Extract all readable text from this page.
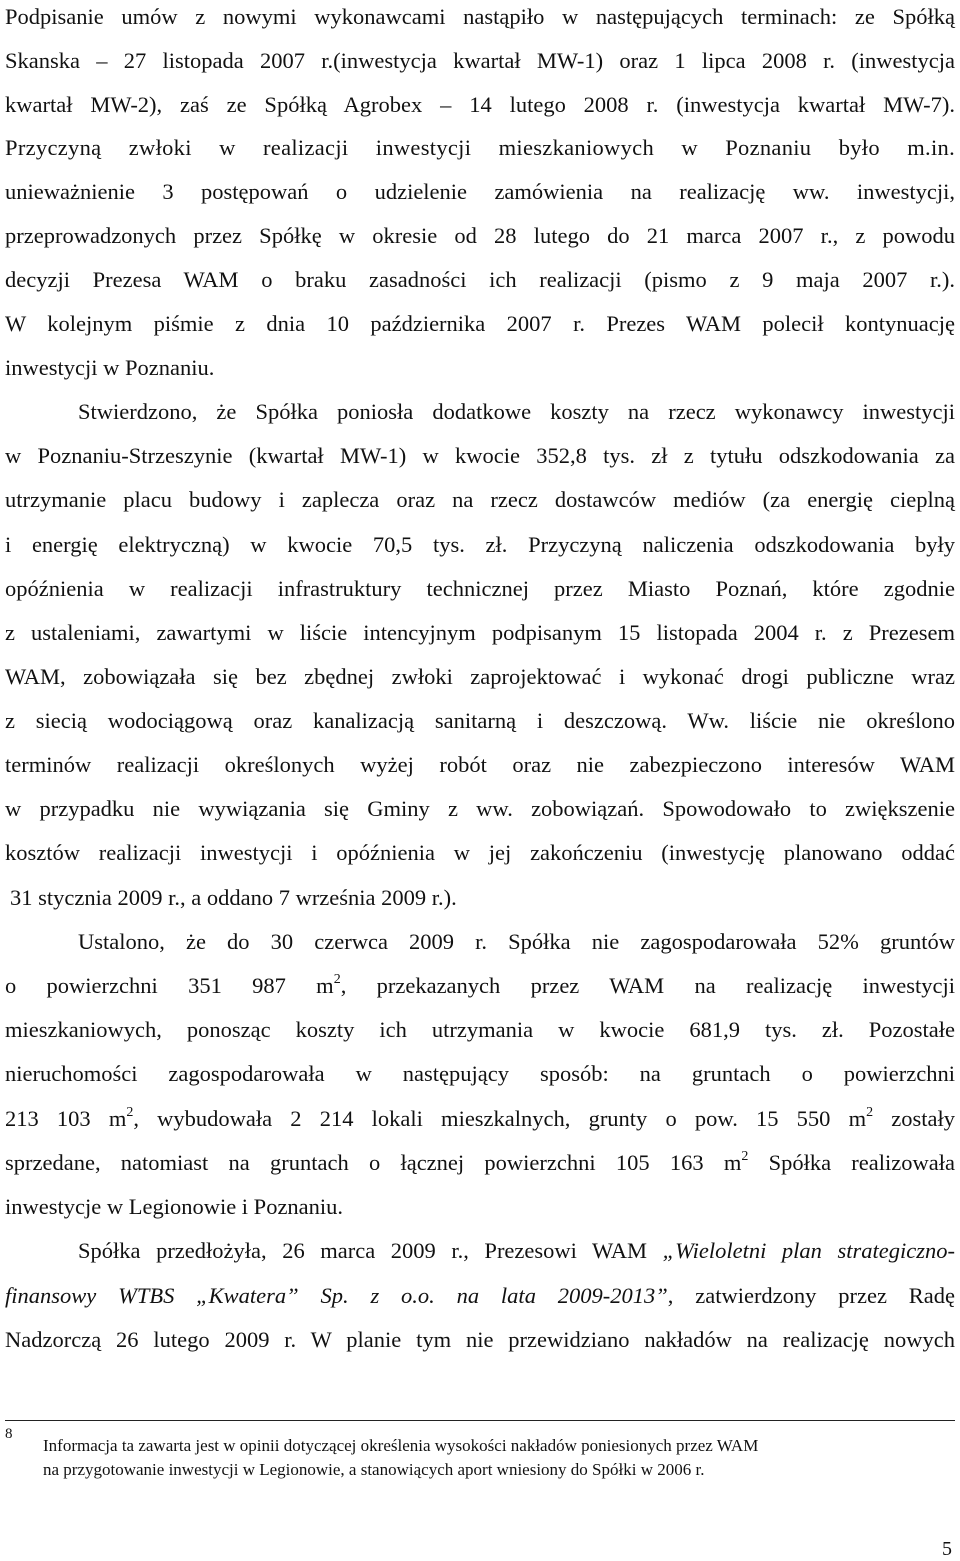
Podpisanie umów z nowymi wykonawcami nastąpiło w następujących terminach: ze Spółką
Skanska – 27 listopada 2007 r.(inwestycja kwartał MW-1) oraz 1 lipca 2008 r. (inwestycja
kwartał MW-2), zaś ze Spółką Agrobex – 14 lutego 2008 r. (inwestycja kwartał MW-7).
Przyczyną zwłoki w realizacji inwestycji mieszkaniowych w Poznaniu było m.in.
unieważnienie 3 postępowań o udzielenie zamówienia na realizację ww. inwestycji,
przeprowadzonych przez Spółkę w okresie od 28 lutego do 21 marca 2007 r., z powodu
decyzji Prezesa WAM o braku zasadności ich realizacji (pismo z 9 maja 2007 r.).
W kolejnym piśmie z dnia 10 października 2007 r. Prezes WAM polecił kontynuację
inwestycji w Poznaniu.
Stwierdzono, że Spółka poniosła dodatkowe koszty na rzecz wykonawcy inwestycji
w Poznaniu-Strzeszynie (kwartał MW-1) w kwocie 352,8 tys. zł z tytułu odszkodowania za
utrzymanie placu budowy i zaplecza oraz na rzecz dostawców mediów (za energię cieplną
i energię elektryczną) w kwocie 70,5 tys. zł. Przyczyną naliczenia odszkodowania były
opóźnienia w realizacji infrastruktury technicznej przez Miasto Poznań, które zgodnie
z ustaleniami, zawartymi w liście intencyjnym podpisanym 15 listopada 2004 r. z Prezesem
WAM, zobowiązała się bez zbędnej zwłoki zaprojektować i wykonać drogi publiczne wraz
z siecią wodociągową oraz kanalizacją sanitarną i deszczową. Ww. liście nie określono
terminów realizacji określonych wyżej robót oraz nie zabezpieczono interesów WAM
w przypadku nie wywiązania się Gminy z ww. zobowiązań. Spowodowało to zwiększenie
kosztów realizacji inwestycji i opóźnienia w jej zakończeniu (inwestycję planowano oddać
31 stycznia 2009 r., a oddano 7 września 2009 r.).
Ustalono, że do 30 czerwca 2009 r. Spółka nie zagospodarowała 52% gruntów
o powierzchni 351 987 $m^2$, przekazanych przez WAM na realizację inwestycji
mieszkaniowych, ponosząc koszty ich utrzymania w kwocie 681,9 tys. zł. Pozostałe
nieruchomości zagospodarowała w następujący sposób: na gruntach o powierzchni
213 103 $m^2$, wybudowała 2 214 lokali mieszkalnych, grunty o pow. 15 550 $m^2$ zostały
sprzedane, natomiast na gruntach o łącznej powierzchni 105 163 $m^2$ Spółka realizowała
inwestycje w Legionowie i Poznaniu.
Spółka przedłożyła, 26 marca 2009 r., Prezesowi WAM „Wieloletni plan strategiczno-
finansowy WTBS „Kwatera” Sp. z o.o. na lata 2009-2013”, zatwierdzony przez Radę
Nadzorczą 26 lutego 2009 r. W planie tym nie przewidziano nakładów na realizację nowych
8
Informacja ta zawarta jest w opinii dotyczącej określenia wysokości nakładów poniesionych przez WAM
na przygotowanie inwestycji w Legionowie, a stanowiących aport wniesiony do Spółki w 2006 r.
5
